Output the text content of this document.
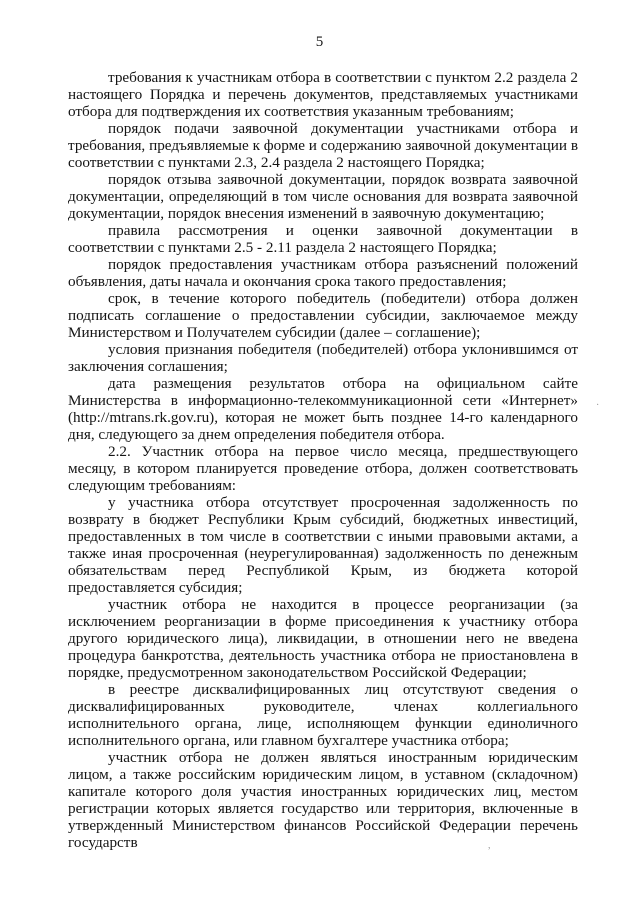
5

требования к участникам отбора в соответствии с пунктом 2.2 раздела 2 настоящего Порядка и перечень документов, представляемых участниками отбора для подтверждения их соответствия указанным требованиям;

порядок подачи заявочной документации участниками отбора и требования, предъявляемые к форме и содержанию заявочной документации в соответствии с пунктами 2.3, 2.4 раздела 2 настоящего Порядка;

порядок отзыва заявочной документации, порядок возврата заявочной документации, определяющий в том числе основания для возврата заявочной документации, порядок внесения изменений в заявочную документацию;

правила рассмотрения и оценки заявочной документации в соответствии с пунктами 2.5 - 2.11 раздела 2 настоящего Порядка;

порядок предоставления участникам отбора разъяснений положений объявления, даты начала и окончания срока такого предоставления;

срок, в течение которого победитель (победители) отбора должен подписать соглашение о предоставлении субсидии, заключаемое между Министерством и Получателем субсидии (далее – соглашение);

условия признания победителя (победителей) отбора уклонившимся от заключения соглашения;

дата размещения результатов отбора на официальном сайте Министерства в информационно-телекоммуникационной сети «Интернет» (http://mtrans.rk.gov.ru), которая не может быть позднее 14-го календарного дня, следующего за днем определения победителя отбора.

2.2. Участник отбора на первое число месяца, предшествующего месяцу, в котором планируется проведение отбора, должен соответствовать следующим требованиям:

у участника отбора отсутствует просроченная задолженность по возврату в бюджет Республики Крым субсидий, бюджетных инвестиций, предоставленных в том числе в соответствии с иными правовыми актами, а также иная просроченная (неурегулированная) задолженность по денежным обязательствам перед Республикой Крым, из бюджета которой предоставляется субсидия;

участник отбора не находится в процессе реорганизации (за исключением реорганизации в форме присоединения к участнику отбора другого юридического лица), ликвидации, в отношении него не введена процедура банкротства, деятельность участника отбора не приостановлена в порядке, предусмотренном законодательством Российской Федерации;

в реестре дисквалифицированных лиц отсутствуют сведения о дисквалифицированных руководителе, членах коллегиального исполнительного органа, лице, исполняющем функции единоличного исполнительного органа, или главном бухгалтере участника отбора;

участник отбора не должен являться иностранным юридическим лицом, а также российским юридическим лицом, в уставном (складочном) капитале которого доля участия иностранных юридических лиц, местом регистрации которых является государство или территория, включенные в утвержденный Министерством финансов Российской Федерации перечень государств

·
,
